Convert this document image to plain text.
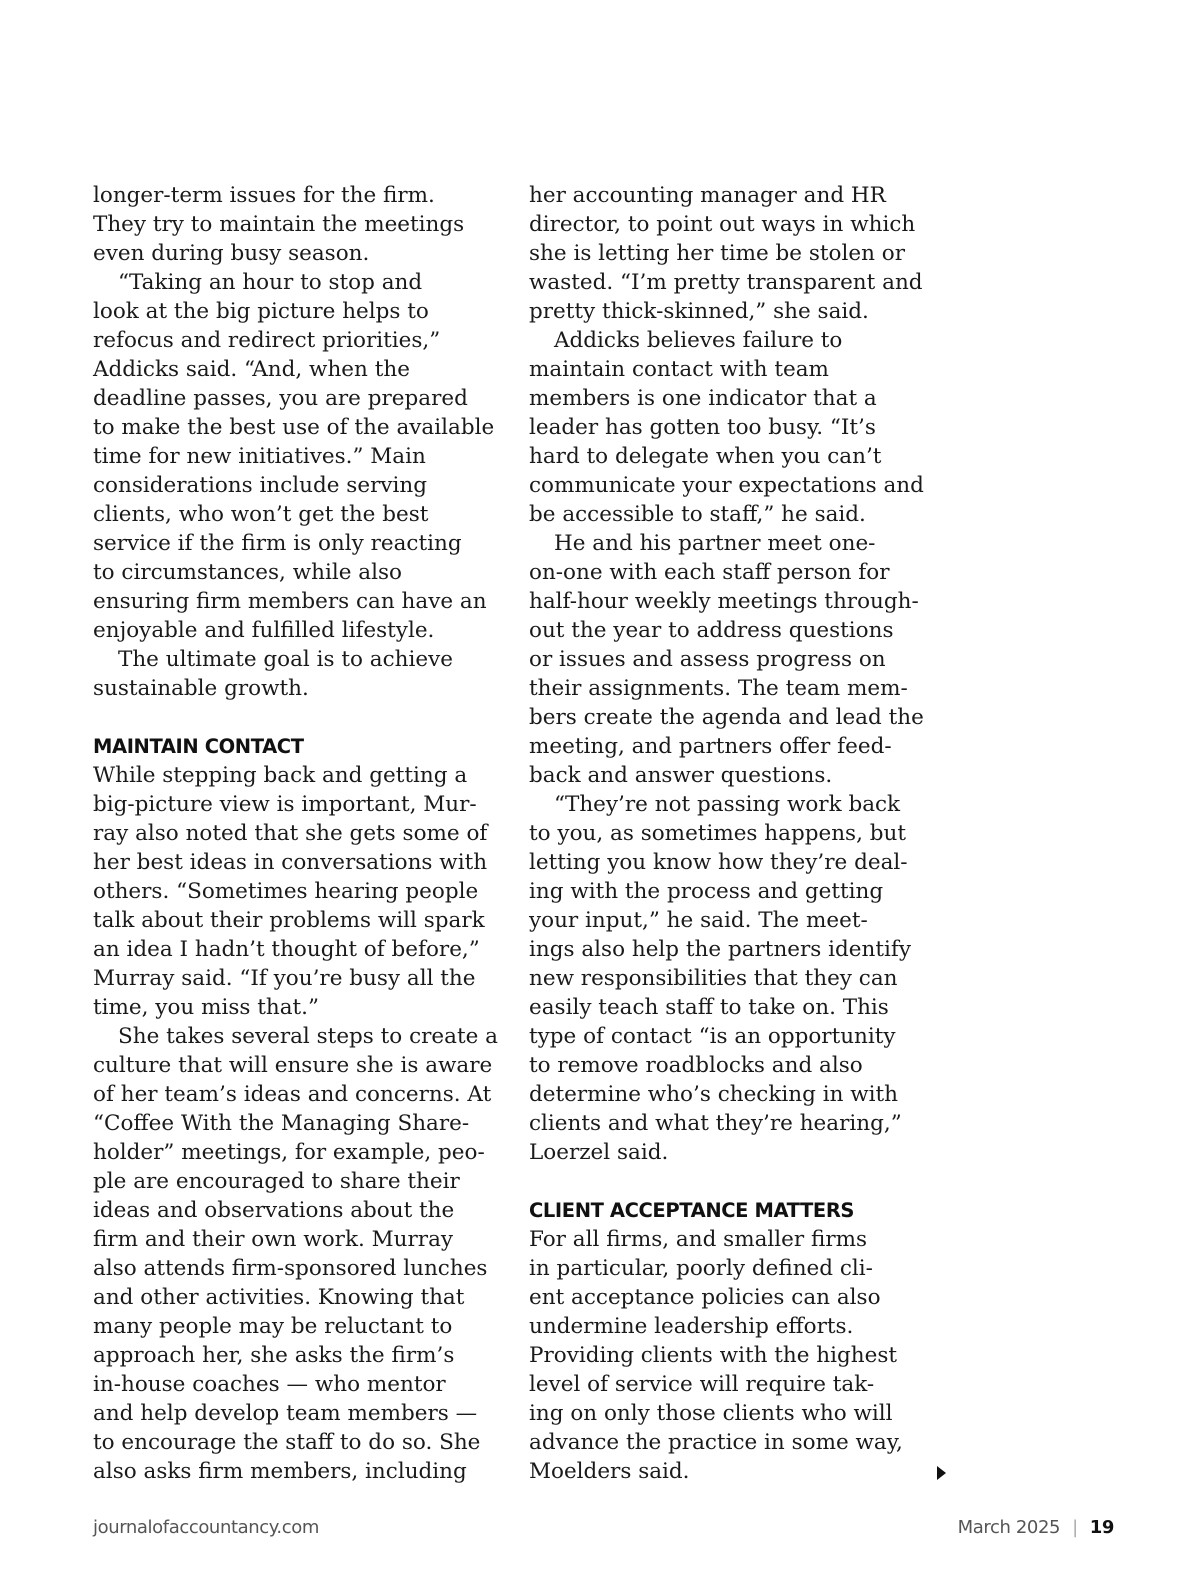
longer-term issues for the firm.
They try to maintain the meetings
even during busy season.
“Taking an hour to stop and
look at the big picture helps to
refocus and redirect priorities,”
Addicks said. “And, when the
deadline passes, you are prepared
to make the best use of the available
time for new initiatives.” Main
considerations include serving
clients, who won’t get the best
service if the firm is only reacting
to circumstances, while also
ensuring firm members can have an
enjoyable and fulfilled lifestyle.
The ultimate goal is to achieve
sustainable growth.
MAINTAIN CONTACT
While stepping back and getting a
big-picture view is important, Mur-
ray also noted that she gets some of
her best ideas in conversations with
others. “Sometimes hearing people
talk about their problems will spark
an idea I hadn’t thought of before,”
Murray said. “If you’re busy all the
time, you miss that.”
She takes several steps to create a
culture that will ensure she is aware
of her team’s ideas and concerns. At
“Coffee With the Managing Share-
holder” meetings, for example, peo-
ple are encouraged to share their
ideas and observations about the
firm and their own work. Murray
also attends firm-sponsored lunches
and other activities. Knowing that
many people may be reluctant to
approach her, she asks the firm’s
in-house coaches — who mentor
and help develop team members —
to encourage the staff to do so. She
also asks firm members, including
her accounting manager and HR
director, to point out ways in which
she is letting her time be stolen or
wasted. “I’m pretty transparent and
pretty thick-skinned,” she said.
Addicks believes failure to
maintain contact with team
members is one indicator that a
leader has gotten too busy. “It’s
hard to delegate when you can’t
communicate your expectations and
be accessible to staff,” he said.
He and his partner meet one-
on-one with each staff person for
half-hour weekly meetings through-
out the year to address questions
or issues and assess progress on
their assignments. The team mem-
bers create the agenda and lead the
meeting, and partners offer feed-
back and answer questions.
“They’re not passing work back
to you, as sometimes happens, but
letting you know how they’re deal-
ing with the process and getting
your input,” he said. The meet-
ings also help the partners identify
new responsibilities that they can
easily teach staff to take on. This
type of contact “is an opportunity
to remove roadblocks and also
determine who’s checking in with
clients and what they’re hearing,”
Loerzel said.
CLIENT ACCEPTANCE MATTERS
For all firms, and smaller firms
in particular, poorly defined cli-
ent acceptance policies can also
undermine leadership efforts.
Providing clients with the highest
level of service will require tak-
ing on only those clients who will
advance the practice in some way,
Moelders said.
journalofaccountancy.com	March 2025 | 19
